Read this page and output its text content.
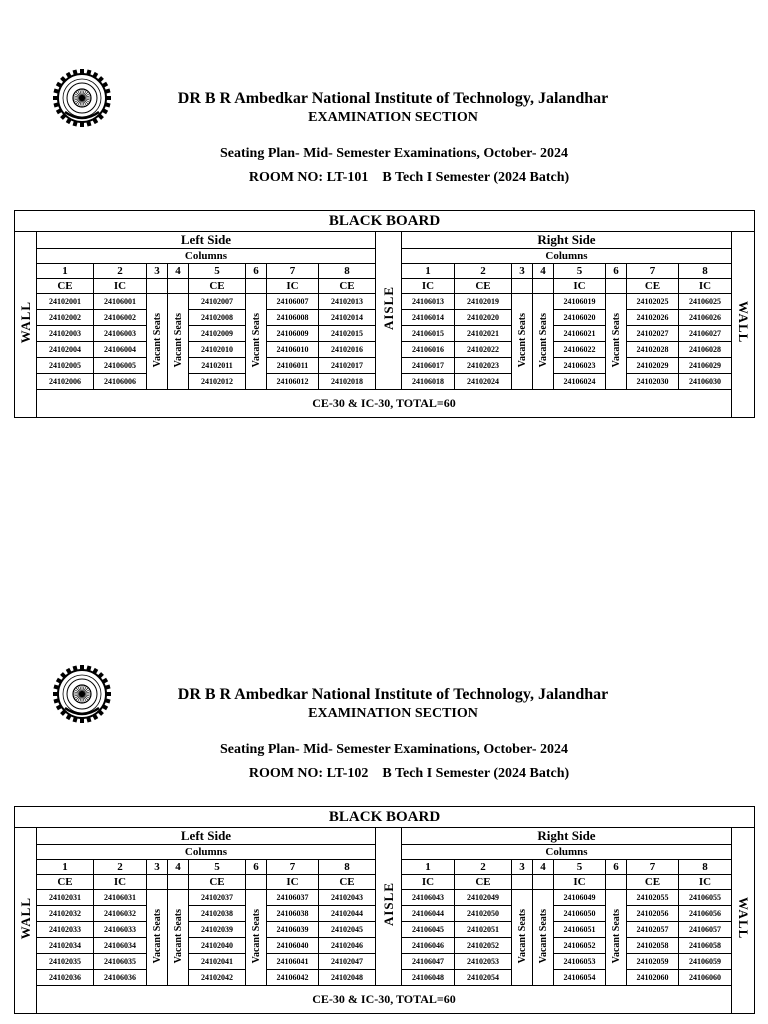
DR B R Ambedkar National Institute of Technology, Jalandhar
EXAMINATION SECTION
Seating Plan- Mid- Semester Examinations, October- 2024
ROOM NO: LT-101    B Tech I Semester (2024 Batch)
BLACK BOARD																		
WALL	Left Side								AISLE	Right Side								WALL
	Columns									Columns								
	1	2	3	4	5	6	7	8		1	2	3	4	5	6	7	8	
	CE	IC			CE		IC	CE		IC	CE			IC		CE	IC	
	24102001	24106001	Vacant Seats	Vacant Seats	24102007	Vacant Seats	24106007	24102013		24106013	24102019	Vacant Seats	Vacant Seats	24106019	Vacant Seats	24102025	24106025	
	24102002	24106002			24102008		24106008	24102014		24106014	24102020			24106020		24102026	24106026	
	24102003	24106003			24102009		24106009	24102015		24106015	24102021			24106021		24102027	24106027	
	24102004	24106004			24102010		24106010	24102016		24106016	24102022			24106022		24102028	24106028	
	24102005	24106005			24102011		24106011	24102017		24106017	24102023			24106023		24102029	24106029	
	24102006	24106006			24102012		24106012	24102018		24106018	24102024			24106024		24102030	24106030	
	CE-30 & IC-30, TOTAL=60																	
DR B R Ambedkar National Institute of Technology, Jalandhar
EXAMINATION SECTION
Seating Plan- Mid- Semester Examinations, October- 2024
ROOM NO: LT-102    B Tech I Semester (2024 Batch)
BLACK BOARD																		
WALL	Left Side								AISLE	Right Side								WALL
	Columns									Columns								
	1	2	3	4	5	6	7	8		1	2	3	4	5	6	7	8	
	CE	IC			CE		IC	CE		IC	CE			IC		CE	IC	
	24102031	24106031	Vacant Seats	Vacant Seats	24102037	Vacant Seats	24106037	24102043		24106043	24102049	Vacant Seats	Vacant Seats	24106049	Vacant Seats	24102055	24106055	
	24102032	24106032			24102038		24106038	24102044		24106044	24102050			24106050		24102056	24106056	
	24102033	24106033			24102039		24106039	24102045		24106045	24102051			24106051		24102057	24106057	
	24102034	24106034			24102040		24106040	24102046		24106046	24102052			24106052		24102058	24106058	
	24102035	24106035			24102041		24106041	24102047		24106047	24102053			24106053		24102059	24106059	
	24102036	24106036			24102042		24106042	24102048		24106048	24102054			24106054		24102060	24106060	
	CE-30 & IC-30, TOTAL=60																	
